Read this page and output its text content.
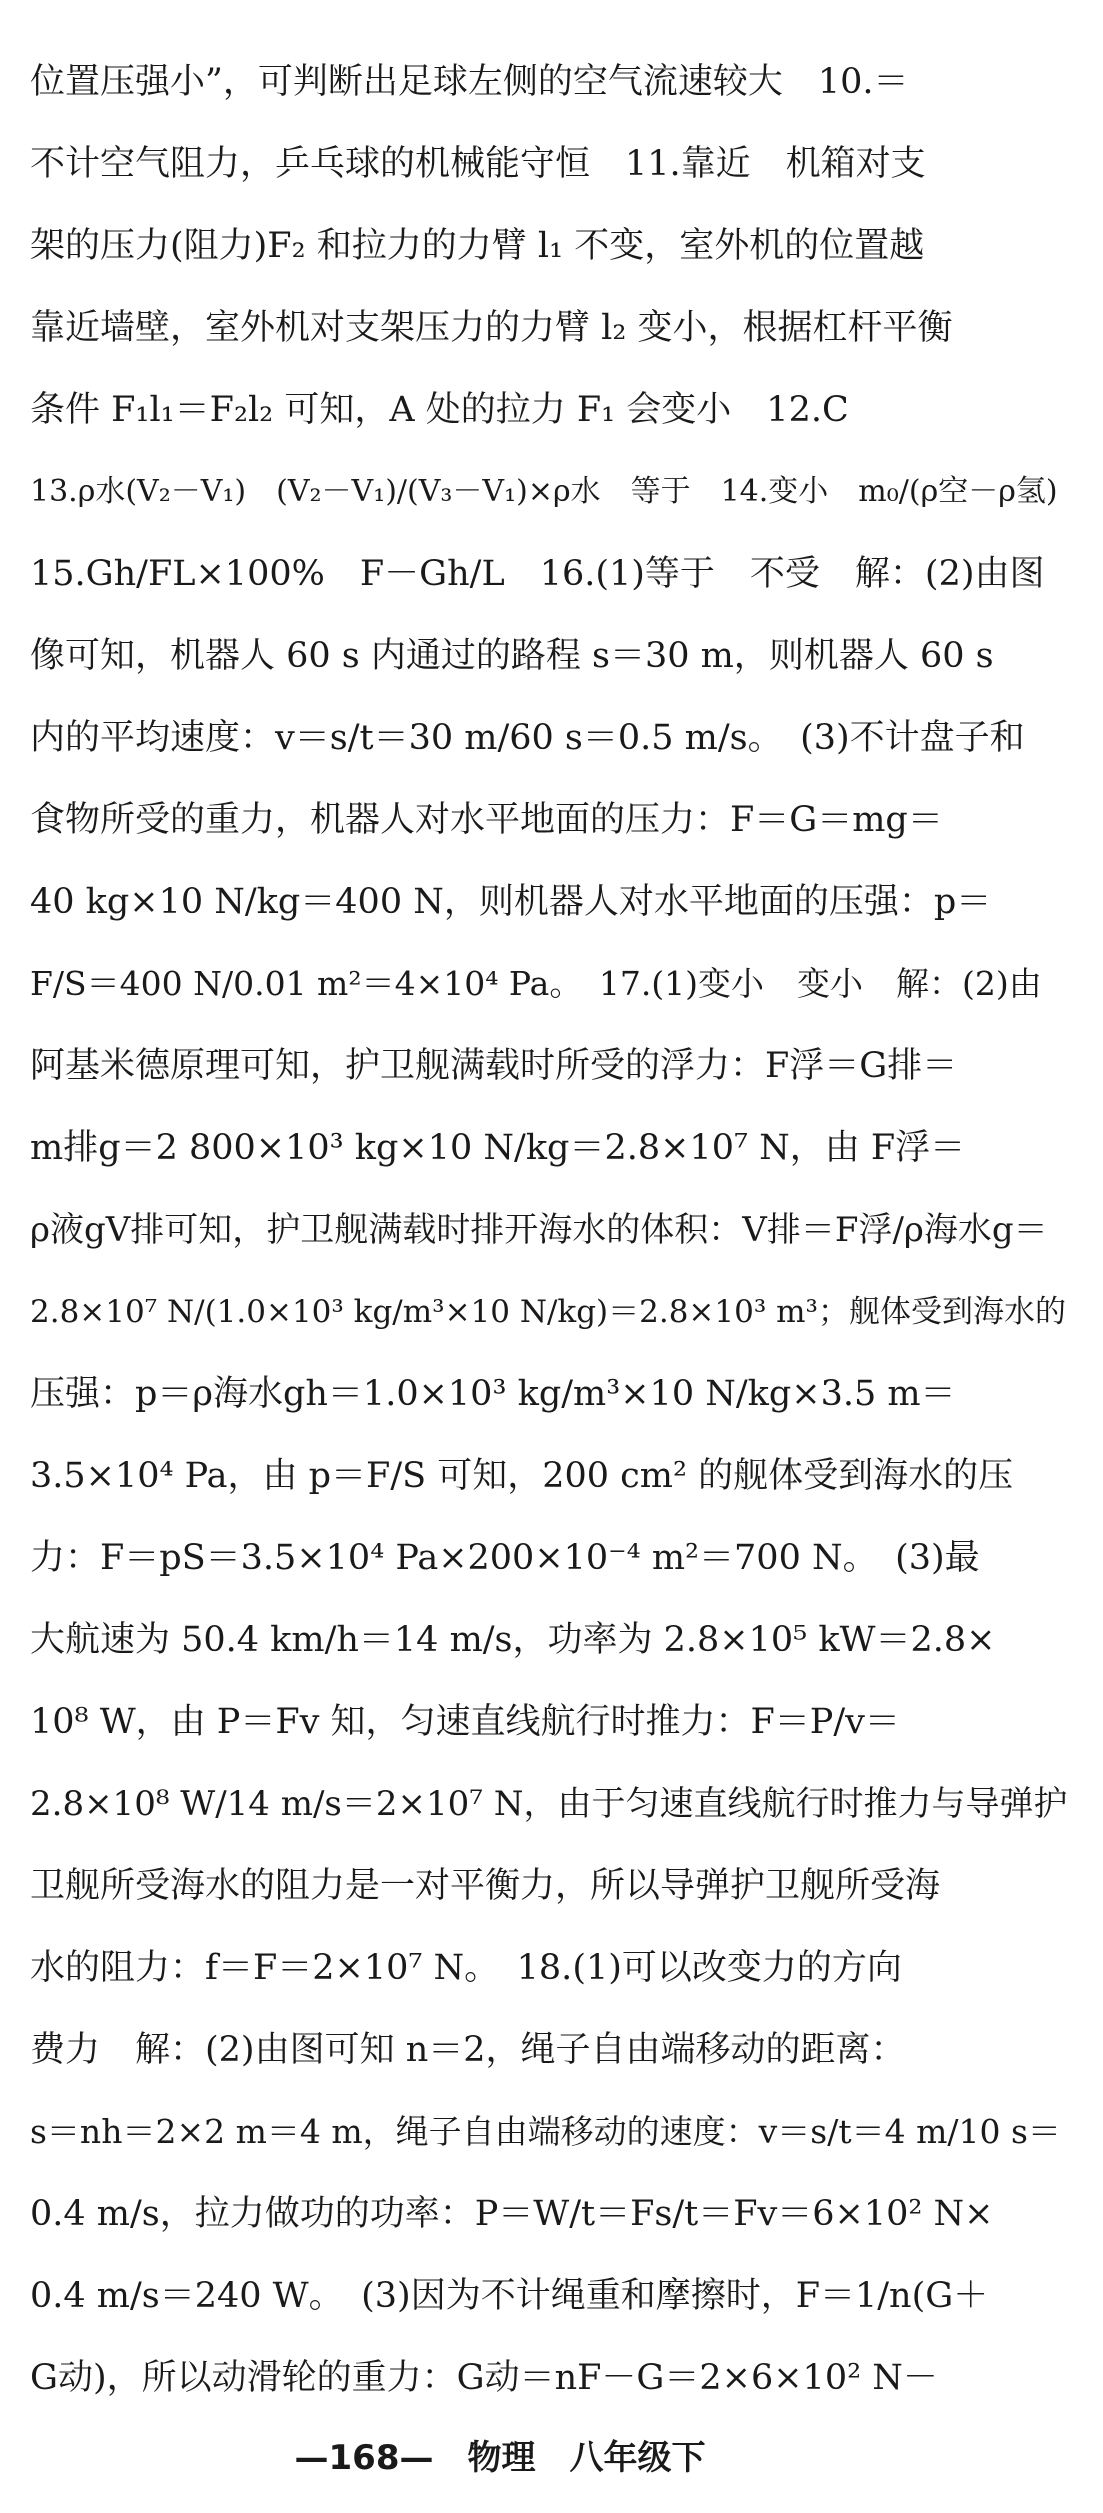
位置压强小”，可判断出足球左侧的空气流速较大　10.＝
不计空气阻力，乒乓球的机械能守恒　11.靠近　机箱对支
架的压力(阻力)F₂ 和拉力的力臂 l₁ 不变，室外机的位置越
靠近墙壁，室外机对支架压力的力臂 l₂ 变小，根据杠杆平衡
条件 F₁l₁＝F₂l₂ 可知，A 处的拉力 F₁ 会变小　12.C
13.ρ水(V₂－V₁)　(V₂－V₁)/(V₃－V₁)×ρ水　等于　14.变小　m₀/(ρ空－ρ氢)
15.Gh/FL×100%　F－Gh/L　16.(1)等于　不受　解：(2)由图
像可知，机器人 60 s 内通过的路程 s＝30 m，则机器人 60 s
内的平均速度：v＝s/t＝30 m/60 s＝0.5 m/s。　(3)不计盘子和
食物所受的重力，机器人对水平地面的压力：F＝G＝mg＝
40 kg×10 N/kg＝400 N，则机器人对水平地面的压强：p＝
F/S＝400 N/0.01 m²＝4×10⁴ Pa。　17.(1)变小　变小　解：(2)由
阿基米德原理可知，护卫舰满载时所受的浮力：F浮＝G排＝
m排g＝2 800×10³ kg×10 N/kg＝2.8×10⁷ N，由 F浮＝
ρ液gV排可知，护卫舰满载时排开海水的体积：V排＝F浮/ρ海水g＝
2.8×10⁷ N/(1.0×10³ kg/m³×10 N/kg)＝2.8×10³ m³；舰体受到海水的
压强：p＝ρ海水gh＝1.0×10³ kg/m³×10 N/kg×3.5 m＝
3.5×10⁴ Pa，由 p＝F/S 可知，200 cm² 的舰体受到海水的压
力：F＝pS＝3.5×10⁴ Pa×200×10⁻⁴ m²＝700 N。　(3)最
大航速为 50.4 km/h＝14 m/s，功率为 2.8×10⁵ kW＝2.8×
10⁸ W，由 P＝Fv 知，匀速直线航行时推力：F＝P/v＝
2.8×10⁸ W/14 m/s＝2×10⁷ N，由于匀速直线航行时推力与导弹护
卫舰所受海水的阻力是一对平衡力，所以导弹护卫舰所受海
水的阻力：f＝F＝2×10⁷ N。　18.(1)可以改变力的方向
费力　解：(2)由图可知 n＝2，绳子自由端移动的距离：
s＝nh＝2×2 m＝4 m，绳子自由端移动的速度：v＝s/t＝4 m/10 s＝
0.4 m/s，拉力做功的功率：P＝W/t＝Fs/t＝Fv＝6×10² N×
0.4 m/s＝240 W。　(3)因为不计绳重和摩擦时，F＝1/n(G＋
G动)，所以动滑轮的重力：G动＝nF－G＝2×6×10² N－
—168—　物理　八年级下
